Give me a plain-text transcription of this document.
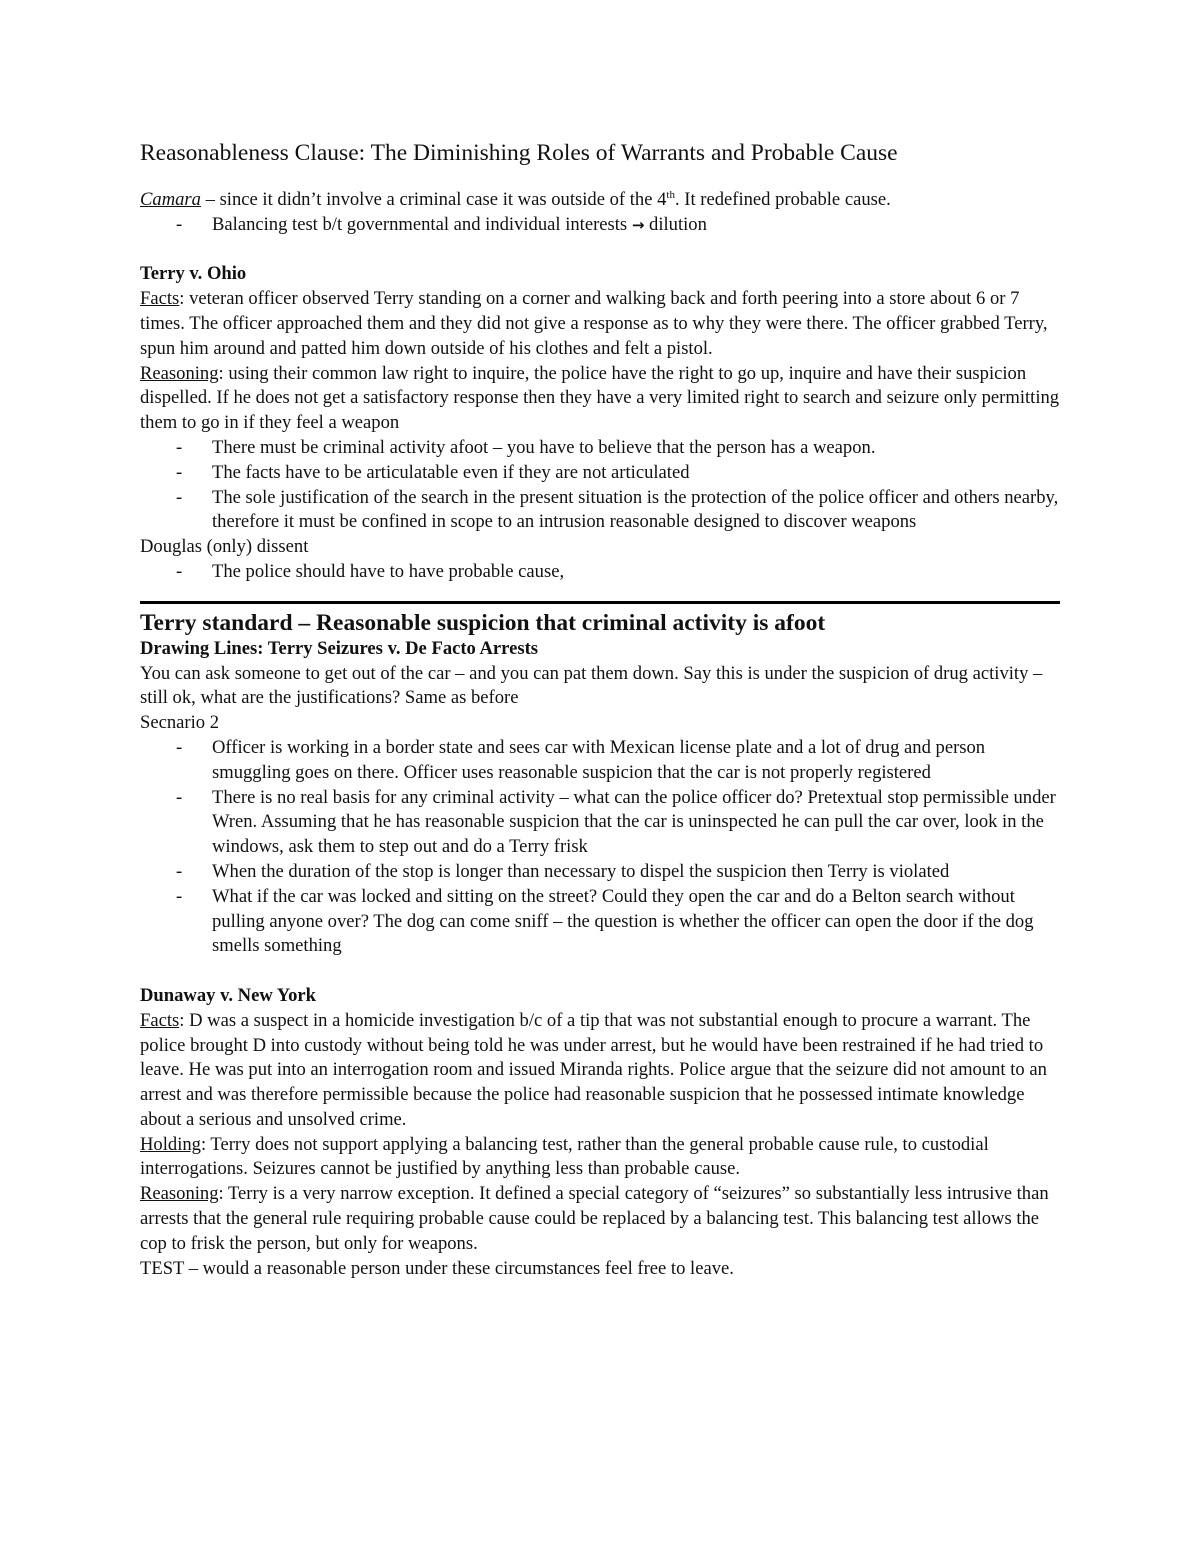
Reasonableness Clause: The Diminishing Roles of Warrants and Probable Cause

Camara – since it didn’t involve a criminal case it was outside of the 4th. It redefined probable cause.

- Balancing test b/t governmental and individual interests → dilution

Terry v. Ohio

Facts: veteran officer observed Terry standing on a corner and walking back and forth peering into a store about 6 or 7 times. The officer approached them and they did not give a response as to why they were there. The officer grabbed Terry, spun him around and patted him down outside of his clothes and felt a pistol.

Reasoning: using their common law right to inquire, the police have the right to go up, inquire and have their suspicion dispelled. If he does not get a satisfactory response then they have a very limited right to search and seizure only permitting them to go in if they feel a weapon

- There must be criminal activity afoot – you have to believe that the person has a weapon.
- The facts have to be articulatable even if they are not articulated
- The sole justification of the search in the present situation is the protection of the police officer and others nearby, therefore it must be confined in scope to an intrusion reasonable designed to discover weapons

Douglas (only) dissent

- The police should have to have probable cause,

Terry standard – Reasonable suspicion that criminal activity is afoot

Drawing Lines: Terry Seizures v. De Facto Arrests

You can ask someone to get out of the car – and you can pat them down. Say this is under the suspicion of drug activity – still ok, what are the justifications? Same as before

Secnario 2

- Officer is working in a border state and sees car with Mexican license plate and a lot of drug and person smuggling goes on there. Officer uses reasonable suspicion that the car is not properly registered
- There is no real basis for any criminal activity – what can the police officer do? Pretextual stop permissible under Wren. Assuming that he has reasonable suspicion that the car is uninspected he can pull the car over, look in the windows, ask them to step out and do a Terry frisk
- When the duration of the stop is longer than necessary to dispel the suspicion then Terry is violated
- What if the car was locked and sitting on the street? Could they open the car and do a Belton search without pulling anyone over? The dog can come sniff – the question is whether the officer can open the door if the dog smells something

Dunaway v. New York

Facts: D was a suspect in a homicide investigation b/c of a tip that was not substantial enough to procure a warrant. The police brought D into custody without being told he was under arrest, but he would have been restrained if he had tried to leave. He was put into an interrogation room and issued Miranda rights. Police argue that the seizure did not amount to an arrest and was therefore permissible because the police had reasonable suspicion that he possessed intimate knowledge about a serious and unsolved crime.

Holding: Terry does not support applying a balancing test, rather than the general probable cause rule, to custodial interrogations. Seizures cannot be justified by anything less than probable cause.

Reasoning: Terry is a very narrow exception. It defined a special category of “seizures” so substantially less intrusive than arrests that the general rule requiring probable cause could be replaced by a balancing test. This balancing test allows the cop to frisk the person, but only for weapons.

TEST – would a reasonable person under these circumstances feel free to leave.
